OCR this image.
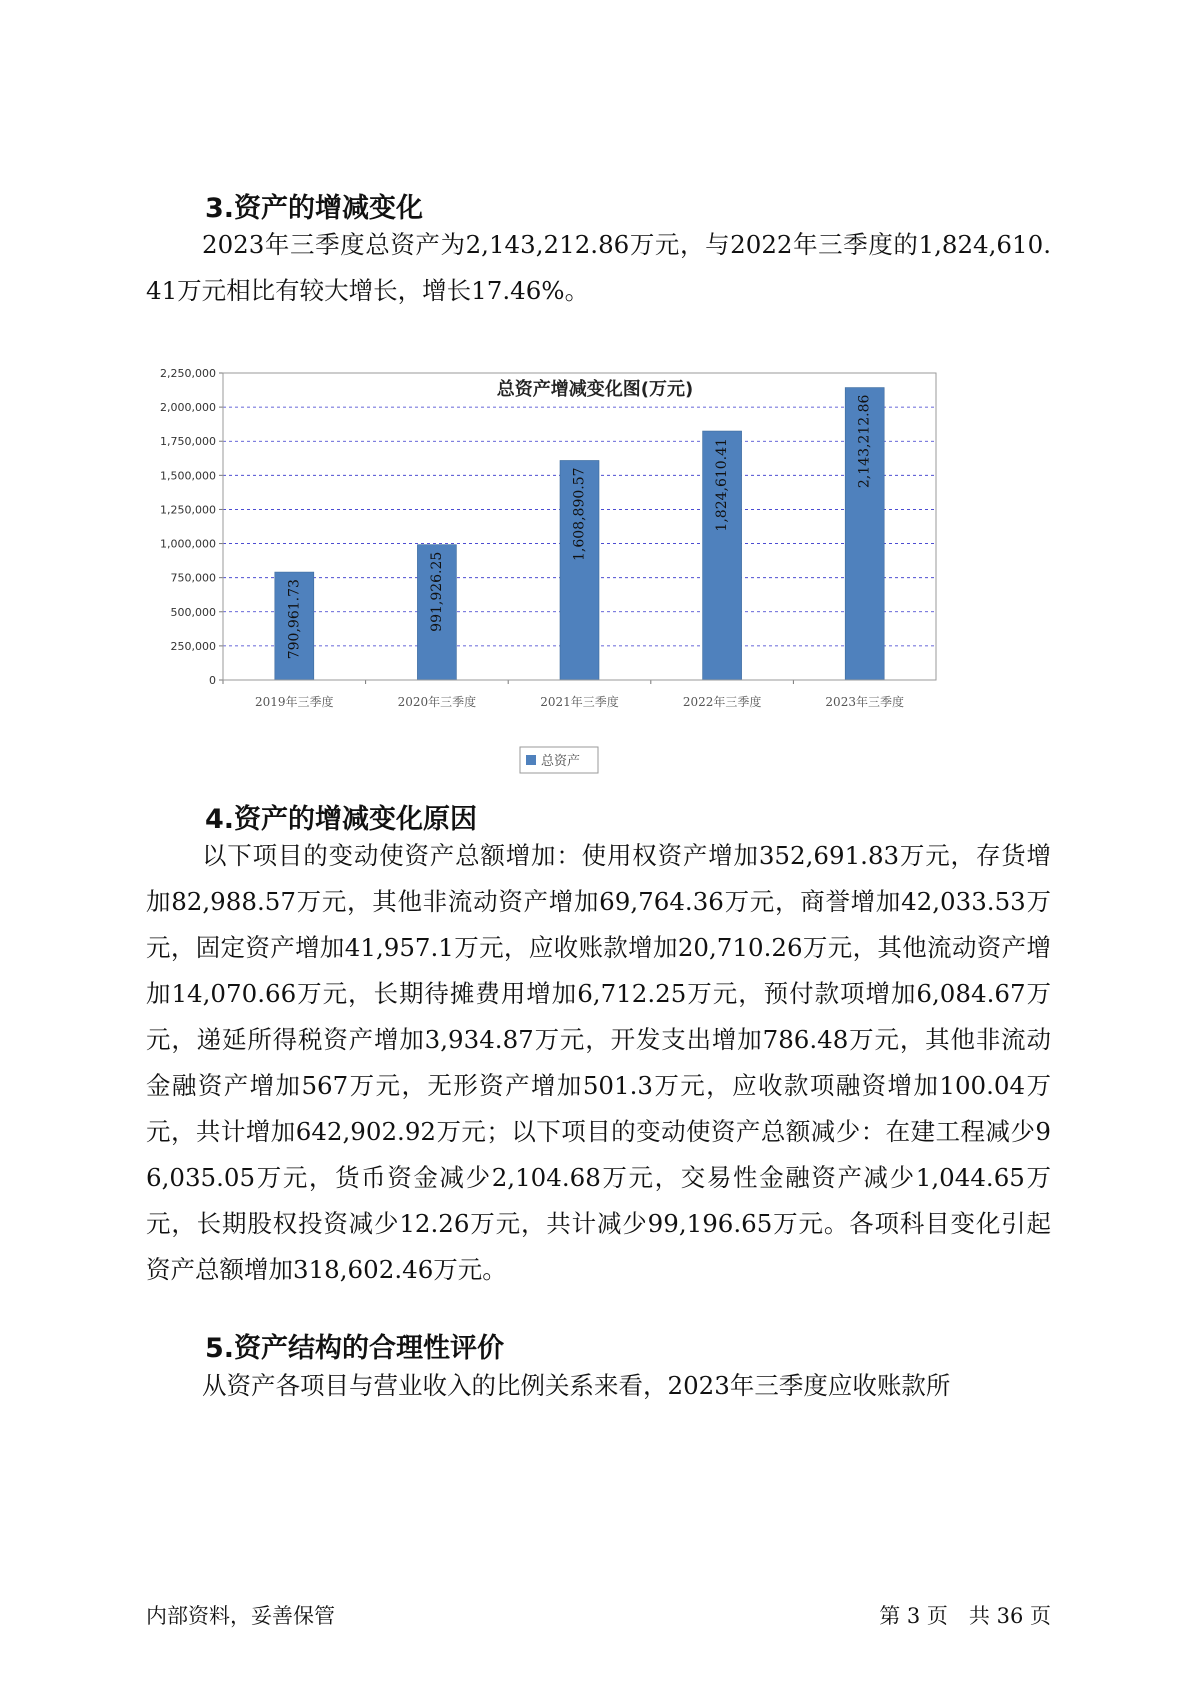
3.资产的增减变化

2023年三季度总资产为2,143,212.86万元，与2022年三季度的1,824,610.41万元相比有较大增长，增长17.46%。

总资产增减变化图(万元)
0
250,000
500,000
750,000
1,000,000
1,250,000
1,500,000
1,750,000
2,000,000
2,250,000
790,961.73	991,926.25
1,608,890.57	1,824,610.41	2,143,212.86
2019年三季度	2020年三季度	2021年三季度	2022年三季度	2023年三季度
总资产
4.资产的增减变化原因

以下项目的变动使资产总额增加：使用权资产增加352,691.83万元，存货增加82,988.57万元，其他非流动资产增加69,764.36万元，商誉增加42,033.53万元，固定资产增加41,957.1万元，应收账款增加20,710.26万元，其他流动资产增加14,070.66万元，长期待摊费用增加6,712.25万元，预付款项增加6,084.67万元，递延所得税资产增加3,934.87万元，开发支出增加786.48万元，其他非流动金融资产增加567万元，无形资产增加501.3万元，应收款项融资增加100.04万元，共计增加642,902.92万元；以下项目的变动使资产总额减少：在建工程减少96,035.05万元，货币资金减少2,104.68万元，交易性金融资产减少1,044.65万元，长期股权投资减少12.26万元，共计减少99,196.65万元。各项科目变化引起资产总额增加318,602.46万元。

5.资产结构的合理性评价

从资产各项目与营业收入的比例关系来看，2023年三季度应收账款所

内部资料，妥善保管	第 3 页　共 36 页
